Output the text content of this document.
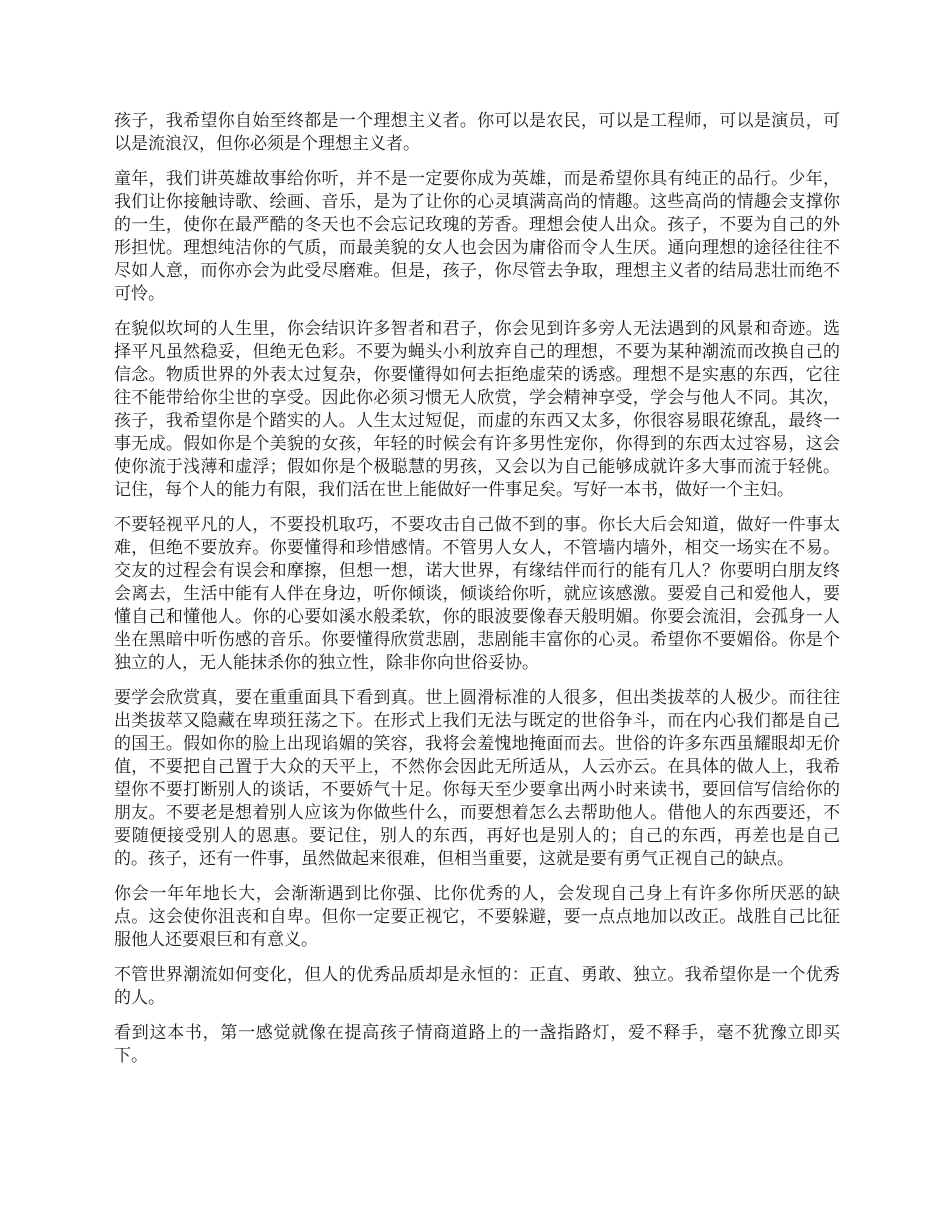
孩子，我希望你自始至终都是一个理想主义者。你可以是农民，可以是工程师，可以是演员，可以是流浪汉，但你必须是个理想主义者。

童年，我们讲英雄故事给你听，并不是一定要你成为英雄，而是希望你具有纯正的品行。少年，我们让你接触诗歌、绘画、音乐，是为了让你的心灵填满高尚的情趣。这些高尚的情趣会支撑你的一生，使你在最严酷的冬天也不会忘记玫瑰的芳香。理想会使人出众。孩子，不要为自己的外形担忧。理想纯洁你的气质，而最美貌的女人也会因为庸俗而令人生厌。通向理想的途径往往不尽如人意，而你亦会为此受尽磨难。但是，孩子，你尽管去争取，理想主义者的结局悲壮而绝不可怜。

在貌似坎坷的人生里，你会结识许多智者和君子，你会见到许多旁人无法遇到的风景和奇迹。选择平凡虽然稳妥，但绝无色彩。不要为蝇头小利放弃自己的理想，不要为某种潮流而改换自己的信念。物质世界的外表太过复杂，你要懂得如何去拒绝虚荣的诱惑。理想不是实惠的东西，它往往不能带给你尘世的享受。因此你必须习惯无人欣赏，学会精神享受，学会与他人不同。其次，孩子，我希望你是个踏实的人。人生太过短促，而虚的东西又太多，你很容易眼花缭乱，最终一事无成。假如你是个美貌的女孩，年轻的时候会有许多男性宠你，你得到的东西太过容易，这会使你流于浅薄和虚浮；假如你是个极聪慧的男孩，又会以为自己能够成就许多大事而流于轻佻。记住，每个人的能力有限，我们活在世上能做好一件事足矣。写好一本书，做好一个主妇。

不要轻视平凡的人，不要投机取巧，不要攻击自己做不到的事。你长大后会知道，做好一件事太难，但绝不要放弃。你要懂得和珍惜感情。不管男人女人，不管墙内墙外，相交一场实在不易。交友的过程会有误会和摩擦，但想一想，诺大世界，有缘结伴而行的能有几人？你要明白朋友终会离去，生活中能有人伴在身边，听你倾谈，倾谈给你听，就应该感激。要爱自己和爱他人，要懂自己和懂他人。你的心要如溪水般柔软，你的眼波要像春天般明媚。你要会流泪，会孤身一人坐在黑暗中听伤感的音乐。你要懂得欣赏悲剧，悲剧能丰富你的心灵。希望你不要媚俗。你是个独立的人，无人能抹杀你的独立性，除非你向世俗妥协。

要学会欣赏真，要在重重面具下看到真。世上圆滑标准的人很多，但出类拔萃的人极少。而往往出类拔萃又隐藏在卑琐狂荡之下。在形式上我们无法与既定的世俗争斗，而在内心我们都是自己的国王。假如你的脸上出现谄媚的笑容，我将会羞愧地掩面而去。世俗的许多东西虽耀眼却无价值，不要把自己置于大众的天平上，不然你会因此无所适从，人云亦云。在具体的做人上，我希望你不要打断别人的谈话，不要娇气十足。你每天至少要拿出两小时来读书，要回信写信给你的朋友。不要老是想着别人应该为你做些什么，而要想着怎么去帮助他人。借他人的东西要还，不要随便接受别人的恩惠。要记住，别人的东西，再好也是别人的；自己的东西，再差也是自己的。孩子，还有一件事，虽然做起来很难，但相当重要，这就是要有勇气正视自己的缺点。

你会一年年地长大，会渐渐遇到比你强、比你优秀的人，会发现自己身上有许多你所厌恶的缺点。这会使你沮丧和自卑。但你一定要正视它，不要躲避，要一点点地加以改正。战胜自己比征服他人还要艰巨和有意义。

不管世界潮流如何变化，但人的优秀品质却是永恒的：正直、勇敢、独立。我希望你是一个优秀的人。

看到这本书，第一感觉就像在提高孩子情商道路上的一盏指路灯，爱不释手，毫不犹豫立即买下。
